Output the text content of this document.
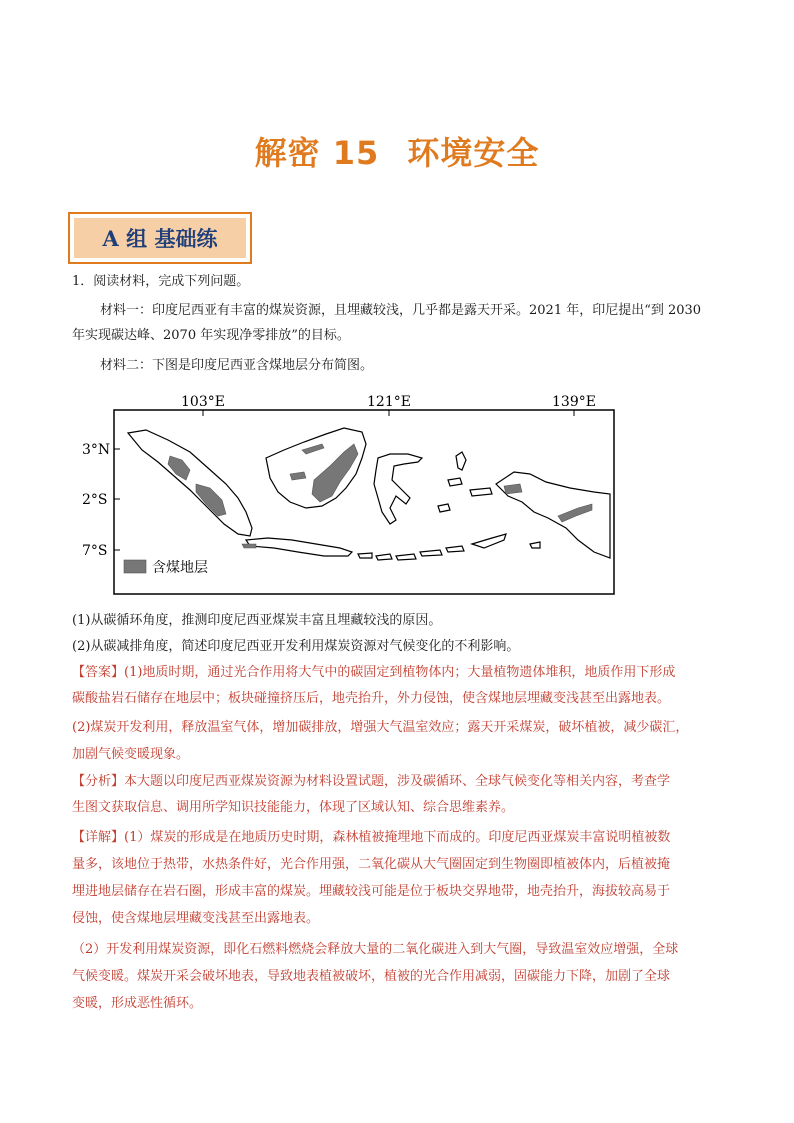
解密 15 环境安全
A 组 基础练
1．阅读材料，完成下列问题。
材料一：印度尼西亚有丰富的煤炭资源，且埋藏较浅，几乎都是露天开采。2021 年，印尼提出“到 2030
年实现碳达峰、2070 年实现净零排放”的目标。
材料二：下图是印度尼西亚含煤地层分布简图。
103°E	121°E	139°E
3°N
2°S
7°S
含煤地层
(1)从碳循环角度，推测印度尼西亚煤炭丰富且埋藏较浅的原因。
(2)从碳减排角度，简述印度尼西亚开发利用煤炭资源对气候变化的不利影响。
【答案】(1)地质时期，通过光合作用将大气中的碳固定到植物体内；大量植物遗体堆积，地质作用下形成
碳酸盐岩石储存在地层中；板块碰撞挤压后，地壳抬升，外力侵蚀，使含煤地层埋藏变浅甚至出露地表。
(2)煤炭开发利用，释放温室气体，增加碳排放，增强大气温室效应；露天开采煤炭，破坏植被，减少碳汇，
加剧气候变暖现象。
【分析】本大题以印度尼西亚煤炭资源为材料设置试题，涉及碳循环、全球气候变化等相关内容，考查学
生图文获取信息、调用所学知识技能能力，体现了区域认知、综合思维素养。
【详解】(1）煤炭的形成是在地质历史时期，森林植被掩埋地下而成的。印度尼西亚煤炭丰富说明植被数
量多，该地位于热带，水热条件好，光合作用强，二氧化碳从大气圈固定到生物圈即植被体内，后植被掩
埋进地层储存在岩石圈，形成丰富的煤炭。埋藏较浅可能是位于板块交界地带，地壳抬升，海拔较高易于
侵蚀，使含煤地层埋藏变浅甚至出露地表。
（2）开发利用煤炭资源，即化石燃料燃烧会释放大量的二氧化碳进入到大气圈，导致温室效应增强，全球
气候变暖。煤炭开采会破坏地表，导致地表植被破坏，植被的光合作用减弱，固碳能力下降，加剧了全球
变暖，形成恶性循环。
